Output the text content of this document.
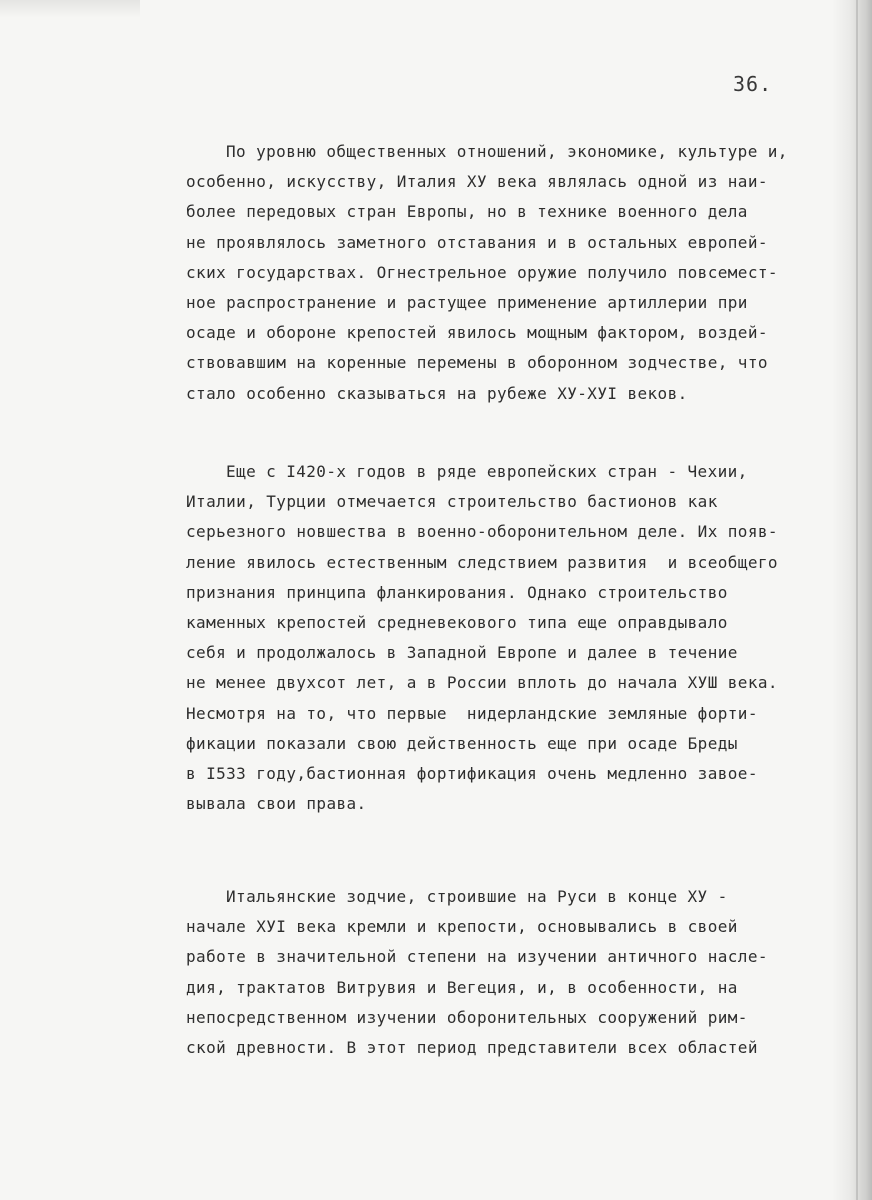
36.

По уровню общественных отношений, экономике, культуре и,
особенно, искусству, Италия ХУ века являлась одной из наи-
более передовых стран Европы, но в технике военного дела
не проявлялось заметного отставания и в остальных европей-
ских государствах. Огнестрельное оружие получило повсемест-
ное распространение и растущее применение артиллерии при
осаде и обороне крепостей явилось мощным фактором, воздей-
ствовавшим на коренные перемены в оборонном зодчестве, что
стало особенно сказываться на рубеже ХУ-ХУI веков.

Еще с I420-х годов в ряде европейских стран - Чехии,
Италии, Турции отмечается строительство бастионов как
серьезного новшества в военно-оборонительном деле. Их появ-
ление явилось естественным следствием развития  и всеобщего
признания принципа фланкирования. Однако строительство
каменных крепостей средневекового типа еще оправдывало
себя и продолжалось в Западной Европе и далее в течение
не менее двухсот лет, а в России вплоть до начала ХУШ века.
Несмотря на то, что первые  нидерландские земляные форти-
фикации показали свою действенность еще при осаде Бреды
в I533 году,бастионная фортификация очень медленно завое-
вывала свои права.

Итальянские зодчие, строившие на Руси в конце ХУ -
начале ХУI века кремли и крепости, основывались в своей
работе в значительной степени на изучении античного насле-
дия, трактатов Витрувия и Вегеция, и, в особенности, на
непосредственном изучении оборонительных сооружений рим-
ской древности. В этот период представители всех областей
